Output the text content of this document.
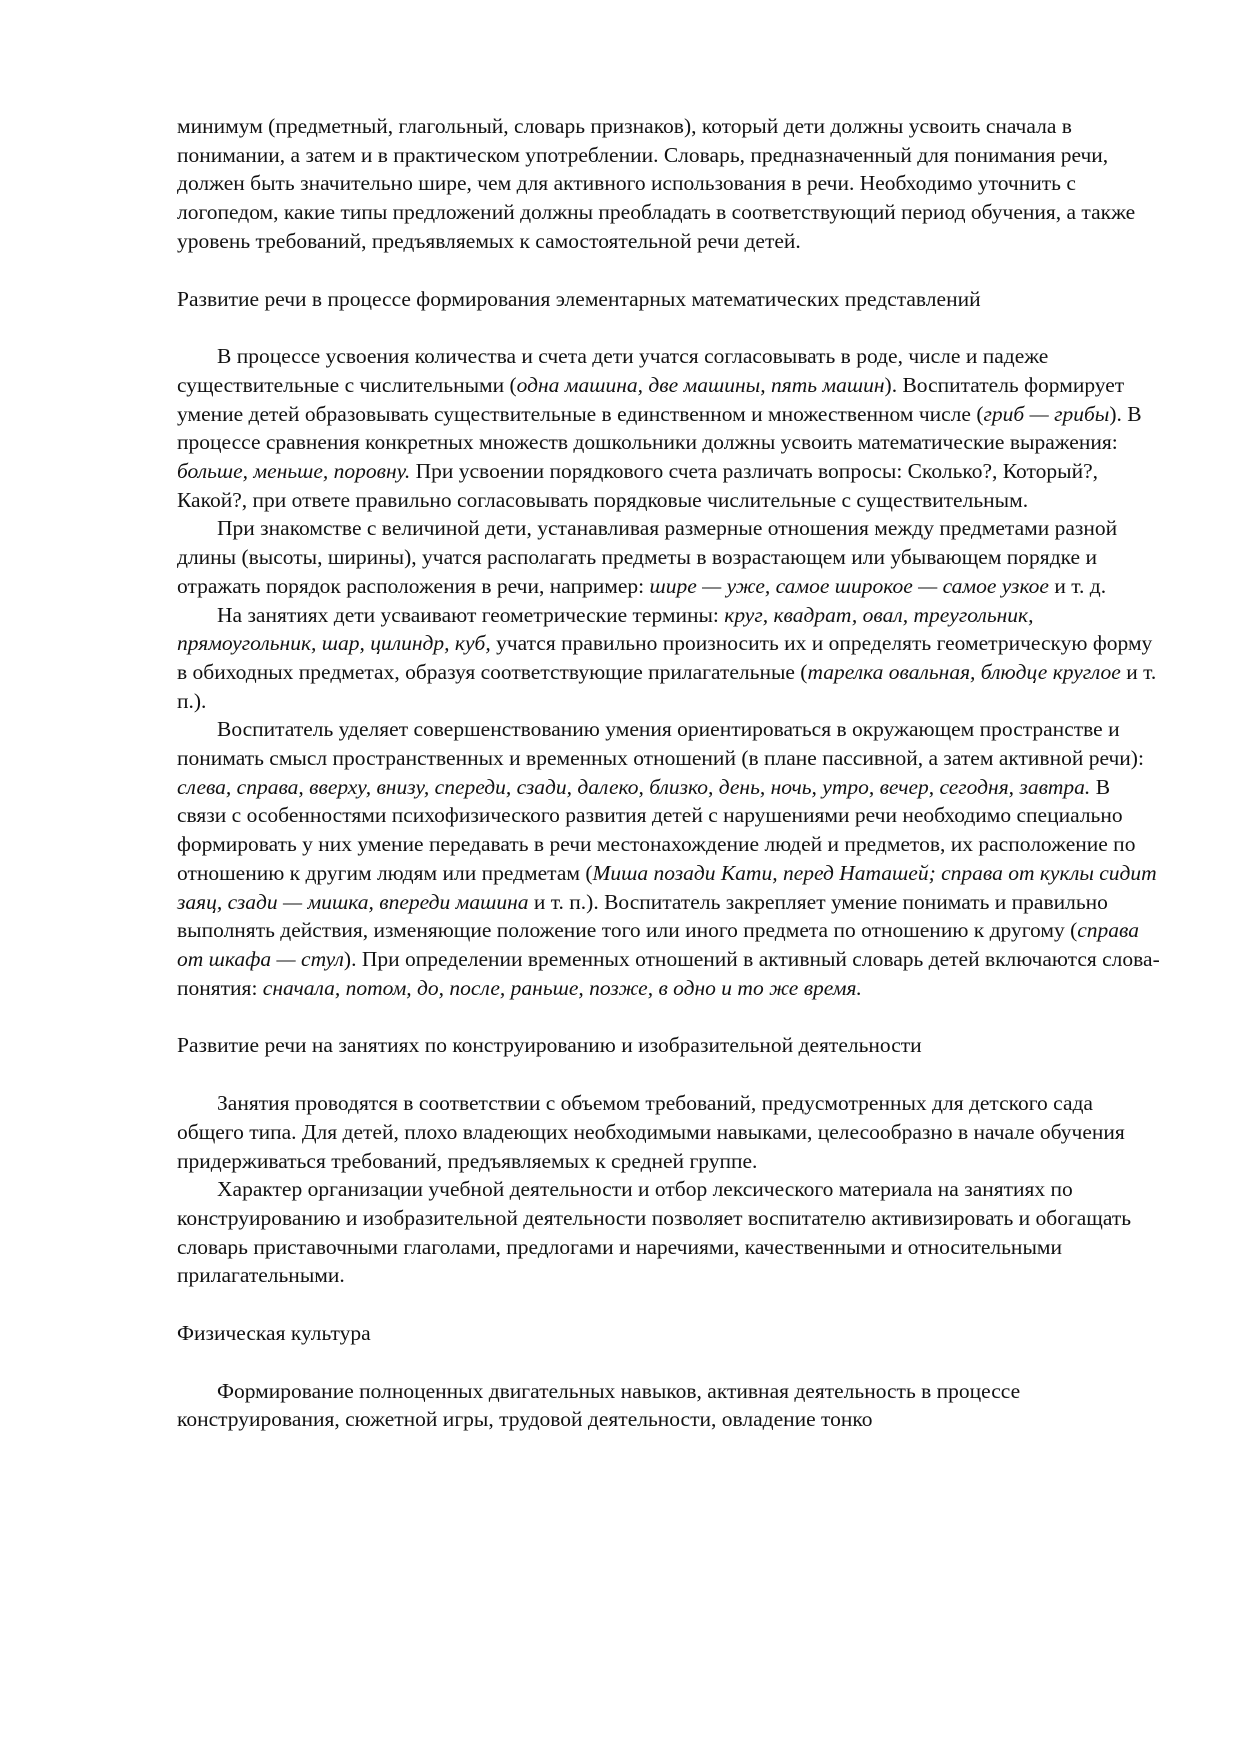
минимум (предметный, глагольный, словарь признаков), который дети должны усвоить сначала в понимании, а затем и в практическом употреблении. Словарь, предназначенный для понимания речи, должен быть значительно шире, чем для активного использования в речи. Необходимо уточнить с логопедом, какие типы предложений должны преобладать в соответствующий период обучения, а также уровень требований, предъявляемых к самостоятельной речи детей.

Развитие речи в процессе формирования элементарных математических представлений

В процессе усвоения количества и счета дети учатся согласовывать в роде, числе и падеже существительные с числительными (одна машина, две машины, пять машин). Воспитатель формирует умение детей образовывать существительные в единственном и множественном числе (гриб — грибы). В процессе сравнения конкретных множеств дошкольники должны усвоить математические выражения: больше, меньше, поровну. При усвоении порядкового счета различать вопросы: Сколько?, Который?, Какой?, при ответе правильно согласовывать порядковые числительные с существительным.

При знакомстве с величиной дети, устанавливая размерные отношения между предметами разной длины (высоты, ширины), учатся располагать предметы в возрастающем или убывающем порядке и отражать порядок расположения в речи, например: шире — уже, самое широкое — самое узкое и т. д.

На занятиях дети усваивают геометрические термины: круг, квадрат, овал, треугольник, прямоугольник, шар, цилиндр, куб, учатся правильно произносить их и определять геометрическую форму в обиходных предметах, образуя соответствующие прилагательные (тарелка овальная, блюдце круглое и т. п.).

Воспитатель уделяет совершенствованию умения ориентироваться в окружающем пространстве и понимать смысл пространственных и временных отношений (в плане пассивной, а затем активной речи): слева, справа, вверху, внизу, спереди, сзади, далеко, близко, день, ночь, утро, вечер, сегодня, завтра. В связи с особенностями психофизического развития детей с нарушениями речи необходимо специально формировать у них умение передавать в речи местонахождение людей и предметов, их расположение по отношению к другим людям или предметам (Миша позади Кати, перед Наташей; справа от куклы сидит заяц, сзади — мишка, впереди машина и т. п.). Воспитатель закрепляет умение понимать и правильно выполнять действия, изменяющие положение того или иного предмета по отношению к другому (справа от шкафа — стул). При определении временных отношений в активный словарь детей включаются слова-понятия: сначала, потом, до, после, раньше, позже, в одно и то же время.

Развитие речи на занятиях по конструированию и изобразительной деятельности

Занятия проводятся в соответствии с объемом требований, предусмотренных для детского сада общего типа. Для детей, плохо владеющих необходимыми навыками, целесообразно в начале обучения придерживаться требований, предъявляемых к средней группе.

Характер организации учебной деятельности и отбор лексического материала на занятиях по конструированию и изобразительной деятельности позволяет воспитателю активизировать и обогащать словарь приставочными глаголами, предлогами и наречиями, качественными и относительными прилагательными.

Физическая культура

Формирование полноценных двигательных навыков, активная деятельность в процессе конструирования, сюжетной игры, трудовой деятельности, овладение тонко
